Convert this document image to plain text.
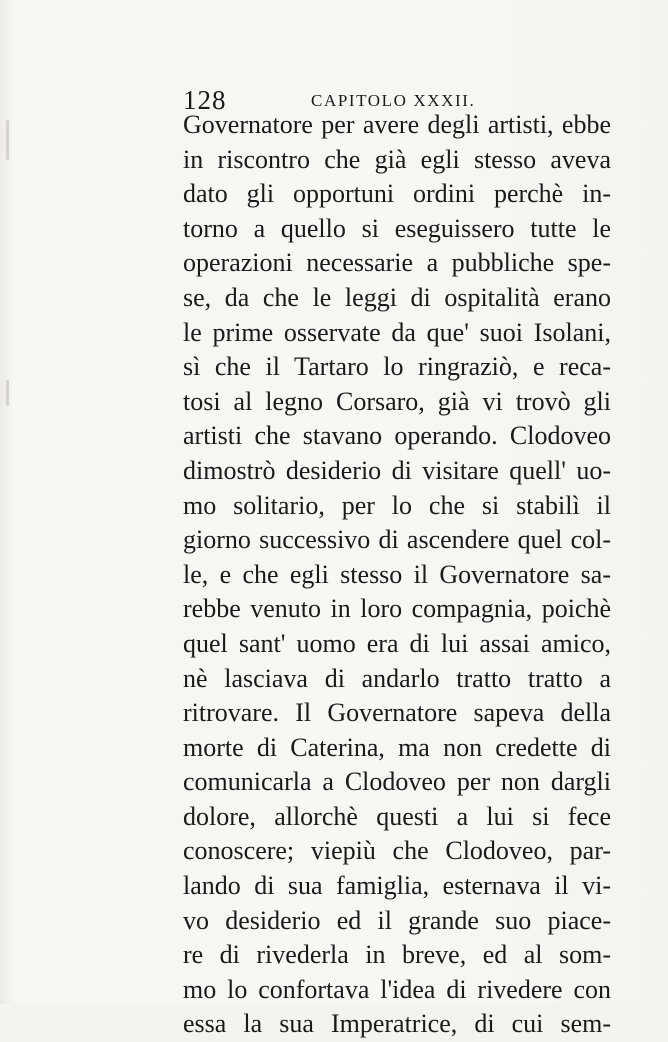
128	CAPITOLO XXXII.
Governatore per avere degli artisti, ebbe
in riscontro che già egli stesso aveva
dato gli opportuni ordini perchè in-
torno a quello si eseguissero tutte le
operazioni necessarie a pubbliche spe-
se, da che le leggi di ospitalità erano
le prime osservate da que' suoi Isolani,
sì che il Tartaro lo ringraziò, e reca-
tosi al legno Corsaro, già vi trovò gli
artisti che stavano operando. Clodoveo
dimostrò desiderio di visitare quell' uo-
mo solitario, per lo che si stabilì il
giorno successivo di ascendere quel col-
le, e che egli stesso il Governatore sa-
rebbe venuto in loro compagnia, poichè
quel sant' uomo era di lui assai amico,
nè lasciava di andarlo tratto tratto a
ritrovare. Il Governatore sapeva della
morte di Caterina, ma non credette di
comunicarla a Clodoveo per non dargli
dolore, allorchè questi a lui si fece
conoscere; viepiù che Clodoveo, par-
lando di sua famiglia, esternava il vi-
vo desiderio ed il grande suo piace-
re di rivederla in breve, ed al som-
mo lo confortava l'idea di rivedere con
essa la sua Imperatrice, di cui sem-
